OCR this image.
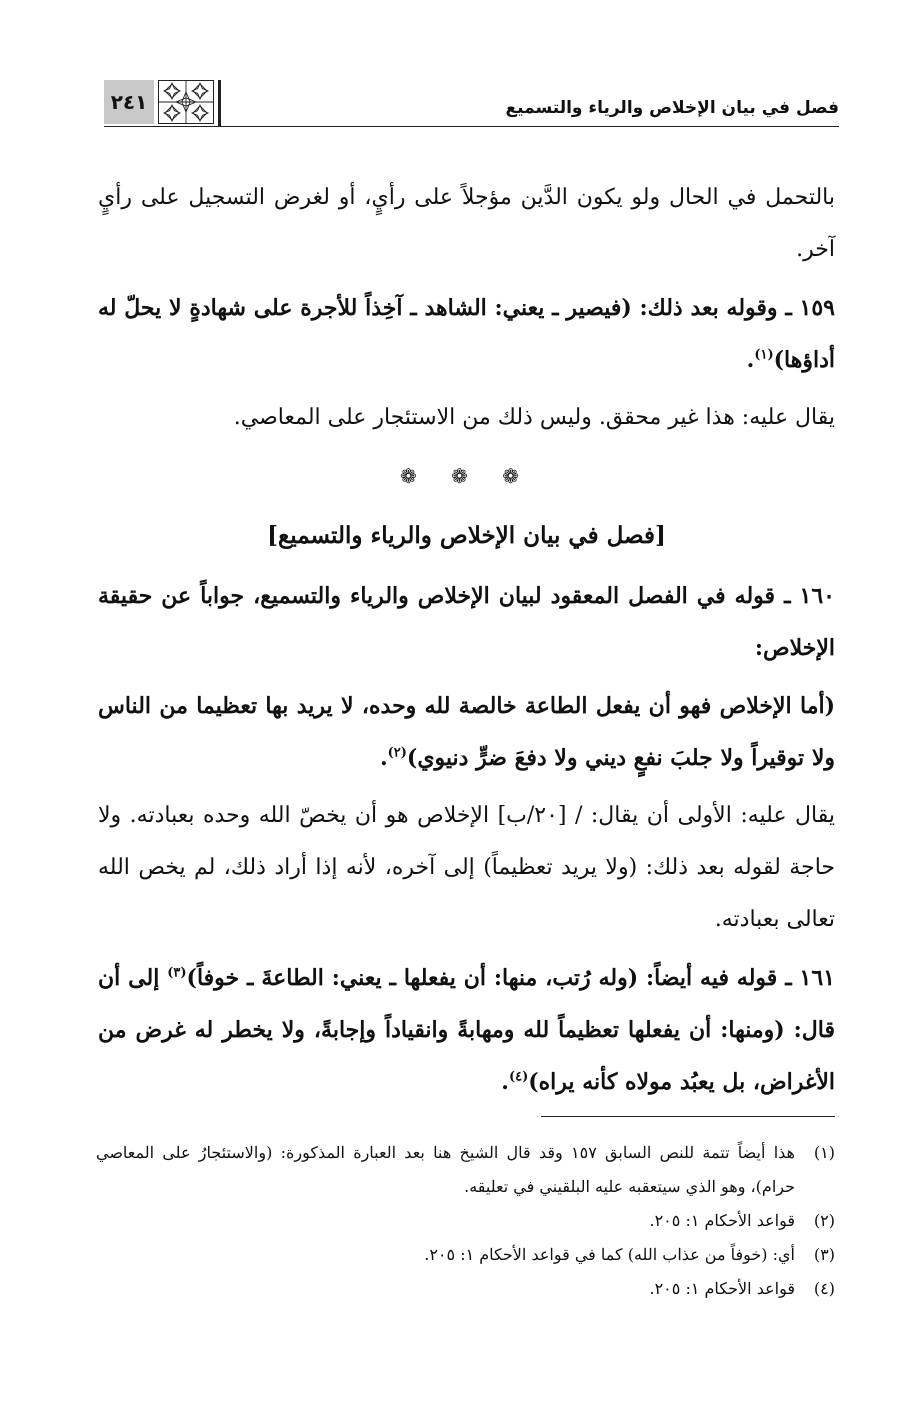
فصل في بيان الإخلاص والرياء والتسميع
٢٤١

بالتحمل في الحال ولو يكون الدَّين مؤجلاً على رأيٍ، أو لغرض التسجيل على رأيٍ آخر.

١٥٩ ـ وقوله بعد ذلك: (فيصير ـ يعني: الشاهد ـ آخِذاً للأجرة على شهادةٍ لا يحلّ له أداؤها)$^{(١)}$.

يقال عليه: هذا غير محقق. وليس ذلك من الاستئجار على المعاصي.

❁ ❁ ❁

[فصل في بيان الإخلاص والرياء والتسميع]

١٦٠ ـ قوله في الفصل المعقود لبيان الإخلاص والرياء والتسميع، جواباً عن حقيقة الإخلاص:

(أما الإخلاص فهو أن يفعل الطاعة خالصة لله وحده، لا يريد بها تعظيما من الناس ولا توقيراً ولا جلبَ نفعٍ ديني ولا دفعَ ضرٍّ دنيوي)$^{(٢)}$.

يقال عليه: الأولى أن يقال: / [٢٠/ب] الإخلاص هو أن يخصّ الله وحده بعبادته. ولا حاجة لقوله بعد ذلك: (ولا يريد تعظيماً) إلى آخره، لأنه إذا أراد ذلك، لم يخص الله تعالى بعبادته.

١٦١ ـ قوله فيه أيضاً: (وله رُتب، منها: أن يفعلها ـ يعني: الطاعةَ ـ خوفاً)$^{(٣)}$ إلى أن قال: (ومنها: أن يفعلها تعظيماً لله ومهابةً وانقياداً وإجابةً، ولا يخطر له غرض من الأغراض، بل يعبُد مولاه كأنه يراه)$^{(٤)}$.

(١)
هذا أيضاً تتمة للنص السابق ١٥٧ وقد قال الشيخ هنا بعد العبارة المذكورة: (والاستئجارُ على المعاصي حرام)، وهو الذي سيتعقبه عليه البلقيني في تعليقه.
(٢)
قواعد الأحكام ١: ٢٠٥.
(٣)
أي: (خوفاً من عذاب الله) كما في قواعد الأحكام ١: ٢٠٥.
(٤)
قواعد الأحكام ١: ٢٠٥.
